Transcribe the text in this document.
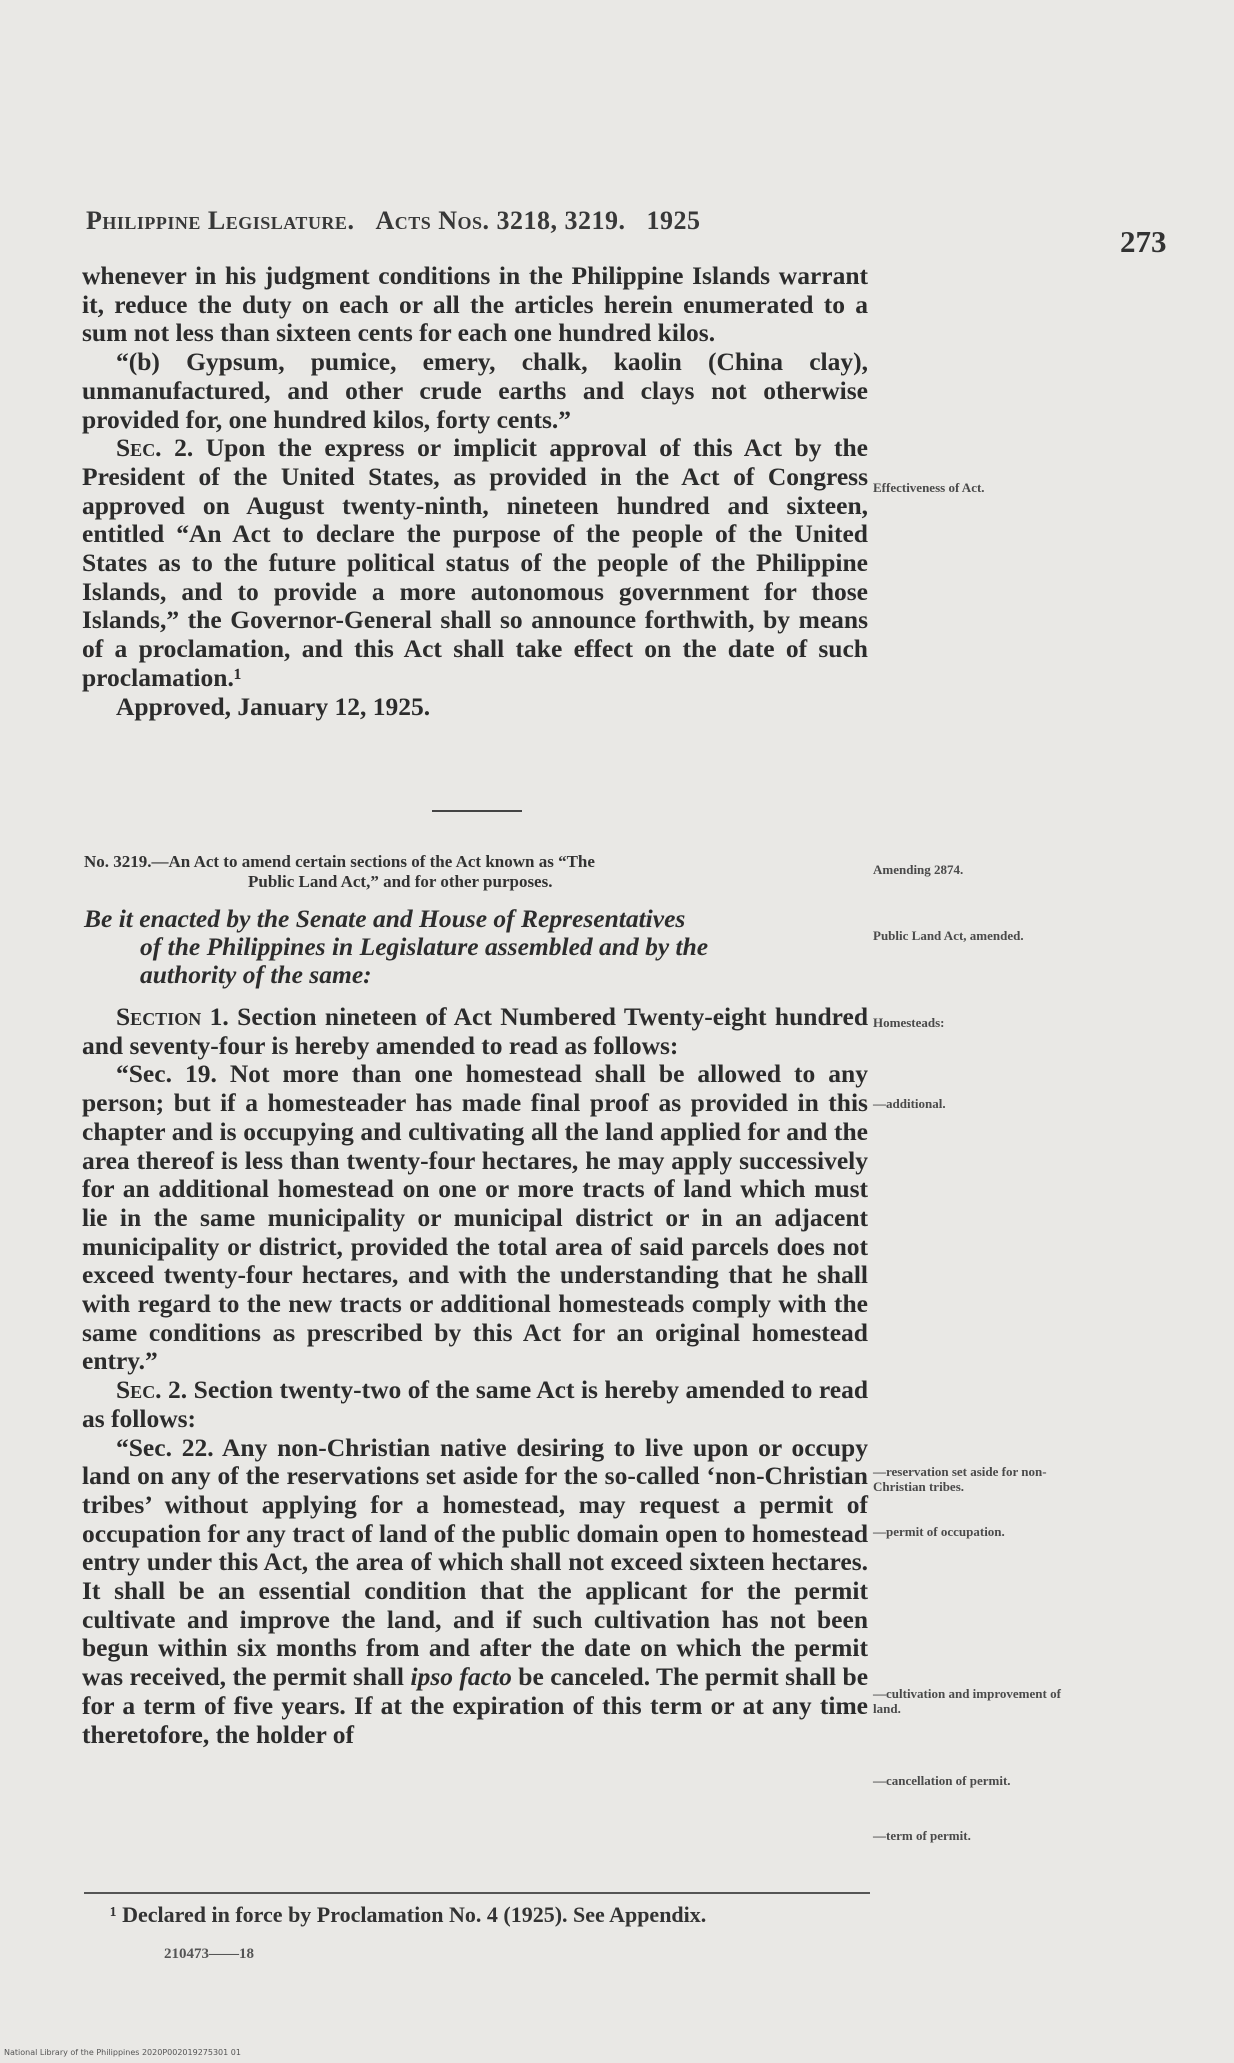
Philippine Legislature. Acts Nos. 3218, 3219. 1925
273

whenever in his judgment conditions in the Philippine Islands warrant it, reduce the duty on each or all the articles herein enumerated to a sum not less than sixteen cents for each one hundred kilos.

“(b) Gypsum, pumice, emery, chalk, kaolin (China clay), unmanufactured, and other crude earths and clays not otherwise provided for, one hundred kilos, forty cents.”

Sec. 2. Upon the express or implicit approval of this Act by the President of the United States, as provided in the Act of Congress approved on August twenty-ninth, nineteen hundred and sixteen, entitled “An Act to declare the purpose of the people of the United States as to the future political status of the people of the Philippine Islands, and to provide a more autonomous government for those Islands,” the Governor-General shall so announce forthwith, by means of a proclamation, and this Act shall take effect on the date of such proclamation.¹

Approved, January 12, 1925.

No. 3219.—An Act to amend certain sections of the Act known as “The
Public Land Act,” and for other purposes.
Be it enacted by the Senate and House of Representatives
of the Philippines in Legislature assembled and by the
authority of the same:

Section 1. Section nineteen of Act Numbered Twenty-eight hundred and seventy-four is hereby amended to read as follows:

“Sec. 19. Not more than one homestead shall be allowed to any person; but if a homesteader has made final proof as provided in this chapter and is occupying and cultivating all the land applied for and the area thereof is less than twenty-four hectares, he may apply successively for an additional homestead on one or more tracts of land which must lie in the same municipality or municipal district or in an adjacent municipality or district, provided the total area of said parcels does not exceed twenty-four hectares, and with the understanding that he shall with regard to the new tracts or additional homesteads comply with the same conditions as prescribed by this Act for an original homestead entry.”

Sec. 2. Section twenty-two of the same Act is hereby amended to read as follows:

“Sec. 22. Any non-Christian native desiring to live upon or occupy land on any of the reservations set aside for the so-called ‘non-Christian tribes’ without applying for a homestead, may request a permit of occupation for any tract of land of the public domain open to homestead entry under this Act, the area of which shall not exceed sixteen hectares. It shall be an essential condition that the applicant for the permit cultivate and improve the land, and if such cultivation has not been begun within six months from and after the date on which the permit was received, the permit shall ipso facto be canceled. The permit shall be for a term of five years. If at the expiration of this term or at any time theretofore, the holder of

Effectiveness of Act.
Amending 2874.
Public Land Act, amended.
Homesteads:
—additional.
—reservation set aside for non-Christian tribes.
—permit of occupation.
—cultivation and improvement of land.
—cancellation of permit.
—term of permit.
¹ Declared in force by Proclamation No. 4 (1925). See Appendix.
210473——18
National Library of the Philippines 2020P002019275301 01
